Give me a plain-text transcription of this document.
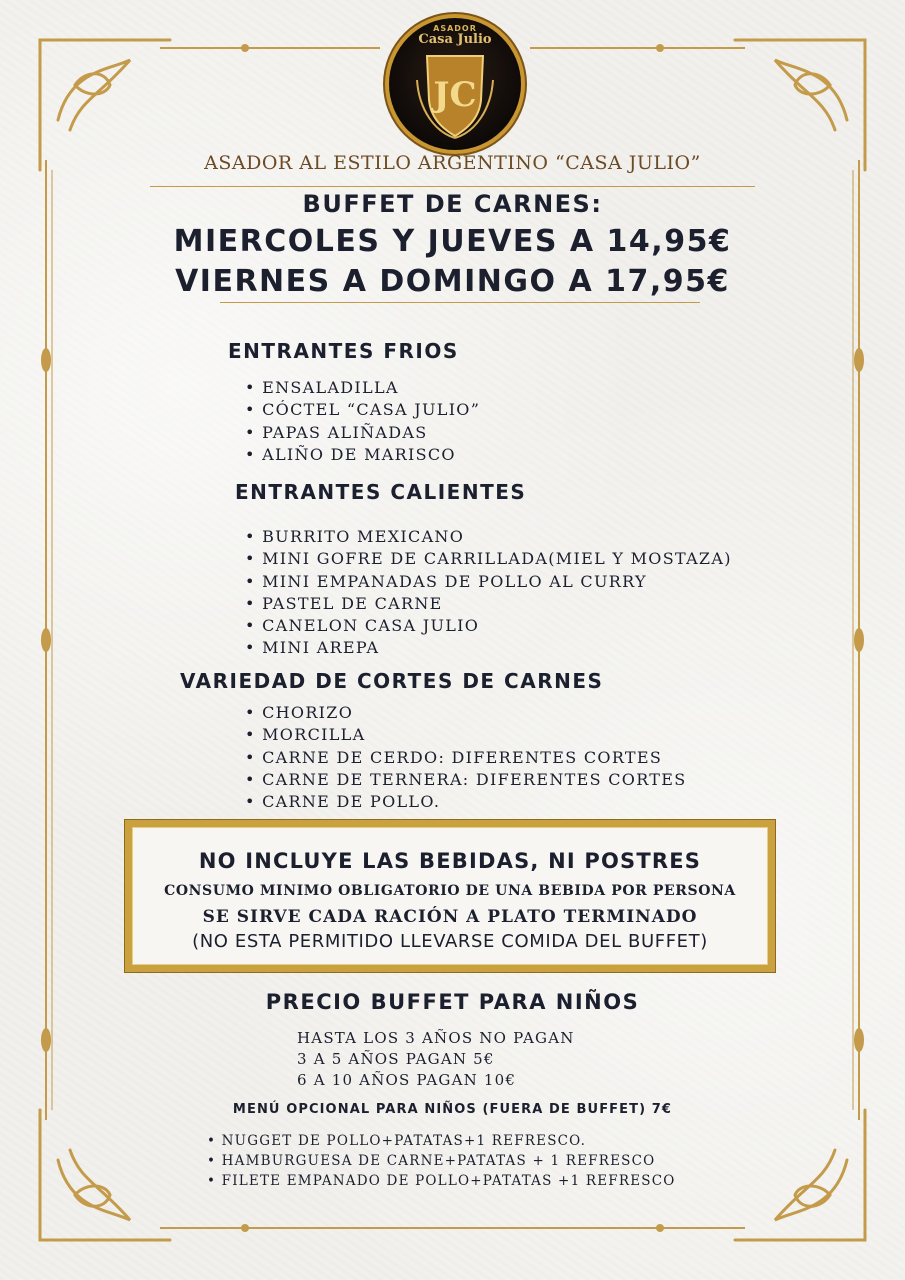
ASADOR
Casa Julio
JC
ASADOR AL ESTILO ARGENTINO “CASA JULIO”
BUFFET DE CARNES:
MIERCOLES Y JUEVES A 14,95€
VIERNES A DOMINGO A 17,95€
ENTRANTES FRIOS
• ENSALADILLA
• CÓCTEL “CASA JULIO”
• PAPAS ALIÑADAS
• ALIÑO DE MARISCO
ENTRANTES CALIENTES
• BURRITO MEXICANO
• MINI GOFRE DE CARRILLADA(MIEL Y MOSTAZA)
• MINI EMPANADAS DE POLLO AL CURRY
• PASTEL DE CARNE
• CANELON CASA JULIO
• MINI AREPA
VARIEDAD DE CORTES DE CARNES
• CHORIZO
• MORCILLA
• CARNE DE CERDO: DIFERENTES CORTES
• CARNE DE TERNERA: DIFERENTES CORTES
• CARNE DE POLLO.
NO INCLUYE LAS BEBIDAS, NI POSTRES
CONSUMO MINIMO OBLIGATORIO DE UNA BEBIDA POR PERSONA
SE SIRVE CADA RACIÓN A PLATO TERMINADO
(NO ESTA PERMITIDO LLEVARSE COMIDA DEL BUFFET)
PRECIO BUFFET PARA NIÑOS
HASTA LOS 3 AÑOS NO PAGAN
3 A 5 AÑOS PAGAN 5€
6 A 10 AÑOS PAGAN 10€
MENÚ OPCIONAL PARA NIÑOS (FUERA DE BUFFET) 7€
• NUGGET DE POLLO+PATATAS+1 REFRESCO.
• HAMBURGUESA DE CARNE+PATATAS + 1 REFRESCO
• FILETE EMPANADO DE POLLO+PATATAS +1 REFRESCO
